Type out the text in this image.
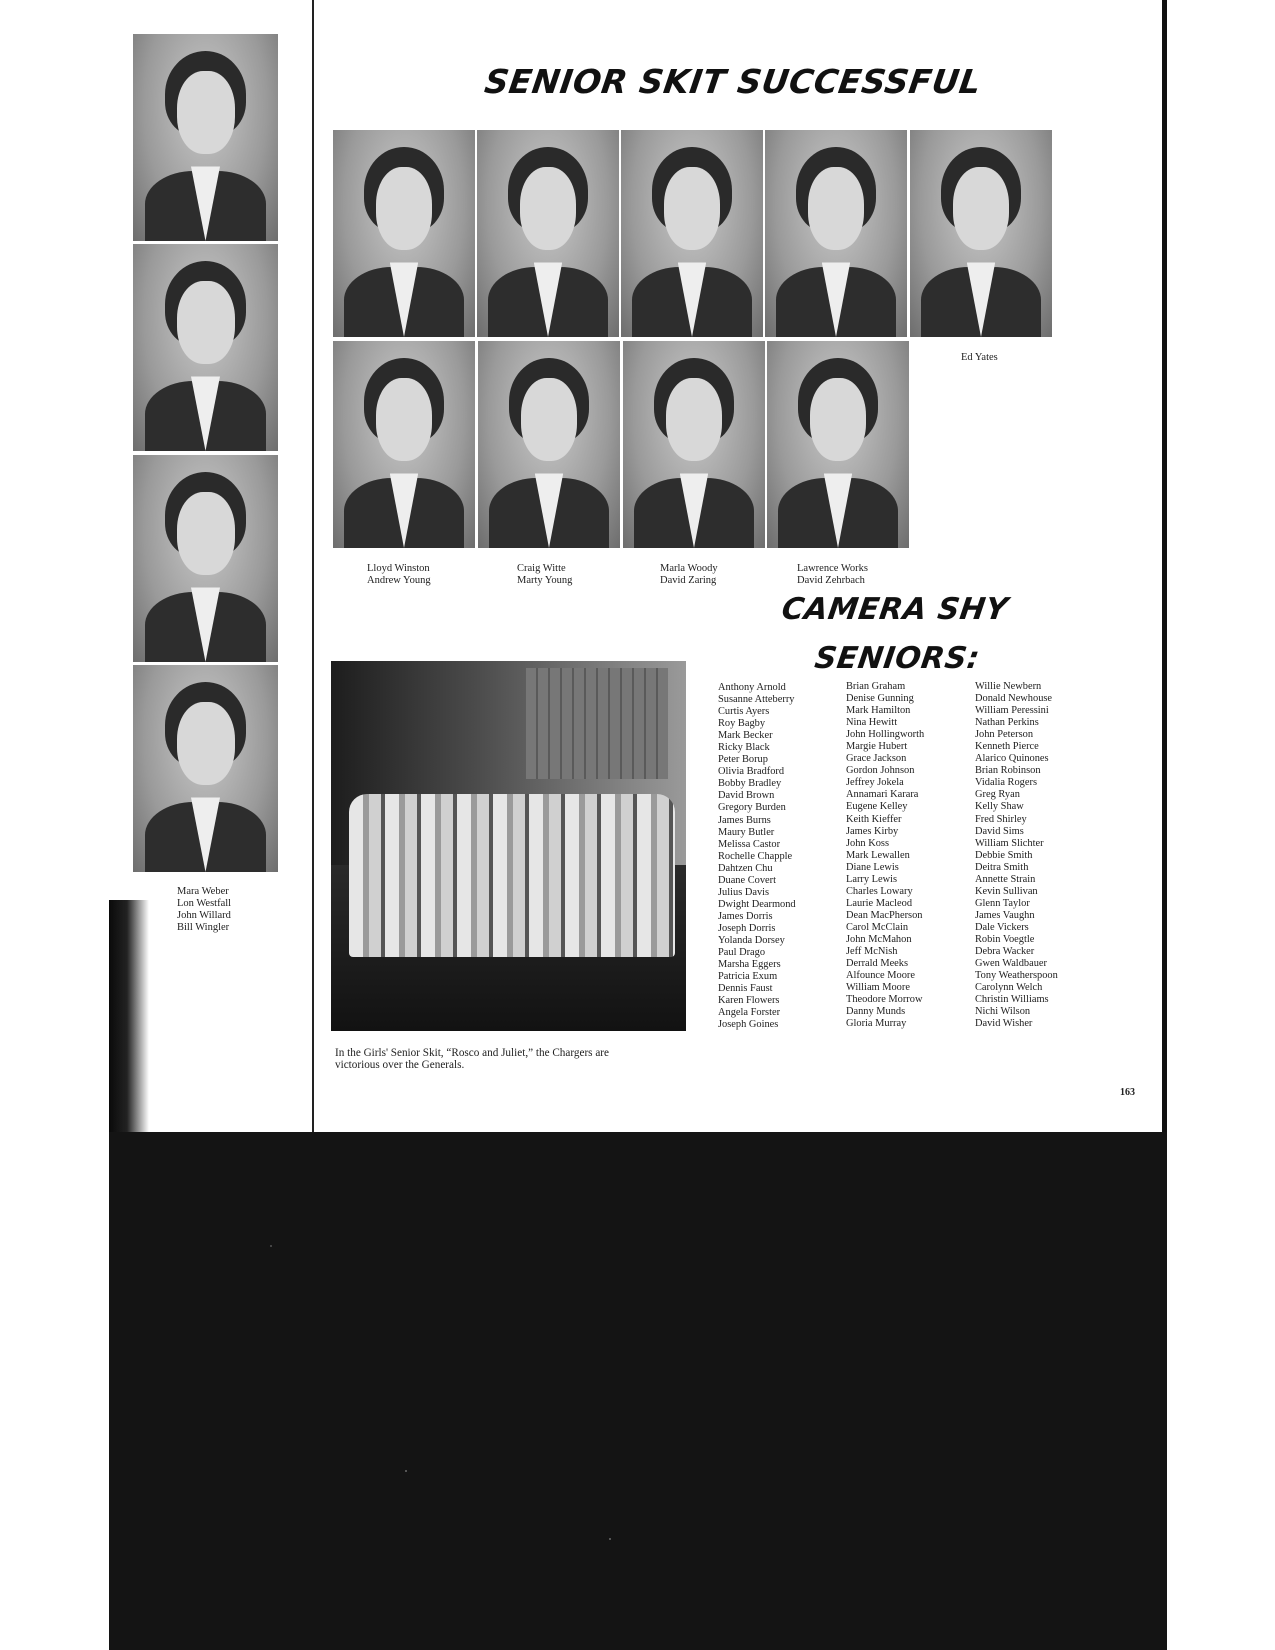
Mara Weber
Lon Westfall
John Willard
Bill Wingler
SENIOR SKIT SUCCESSFUL
Ed Yates
Lloyd Winston
Andrew Young
Craig Witte
Marty Young
Marla Woody
David Zaring
Lawrence Works
David Zehrbach
CAMERA SHY
SENIORS:
In the Girls' Senior Skit, “Rosco and Juliet,” the Chargers are
victorious over the Generals.
Anthony Arnold
Susanne Atteberry
Curtis Ayers
Roy Bagby
Mark Becker
Ricky Black
Peter Borup
Olivia Bradford
Bobby Bradley
David Brown
Gregory Burden
James Burns
Maury Butler
Melissa Castor
Rochelle Chapple
Dahtzen Chu
Duane Covert
Julius Davis
Dwight Dearmond
James Dorris
Joseph Dorris
Yolanda Dorsey
Paul Drago
Marsha Eggers
Patricia Exum
Dennis Faust
Karen Flowers
Angela Forster
Joseph Goines
Brian Graham
Denise Gunning
Mark Hamilton
Nina Hewitt
John Hollingworth
Margie Hubert
Grace Jackson
Gordon Johnson
Jeffrey Jokela
Annamari Karara
Eugene Kelley
Keith Kieffer
James Kirby
John Koss
Mark Lewallen
Diane Lewis
Larry Lewis
Charles Lowary
Laurie Macleod
Dean MacPherson
Carol McClain
John McMahon
Jeff McNish
Derrald Meeks
Alfounce Moore
William Moore
Theodore Morrow
Danny Munds
Gloria Murray
Willie Newbern
Donald Newhouse
William Peressini
Nathan Perkins
John Peterson
Kenneth Pierce
Alarico Quinones
Brian Robinson
Vidalia Rogers
Greg Ryan
Kelly Shaw
Fred Shirley
David Sims
William Slichter
Debbie Smith
Deitra Smith
Annette Strain
Kevin Sullivan
Glenn Taylor
James Vaughn
Dale Vickers
Robin Voegtle
Debra Wacker
Gwen Waldbauer
Tony Weatherspoon
Carolynn Welch
Christin Williams
Nichi Wilson
David Wisher
163
